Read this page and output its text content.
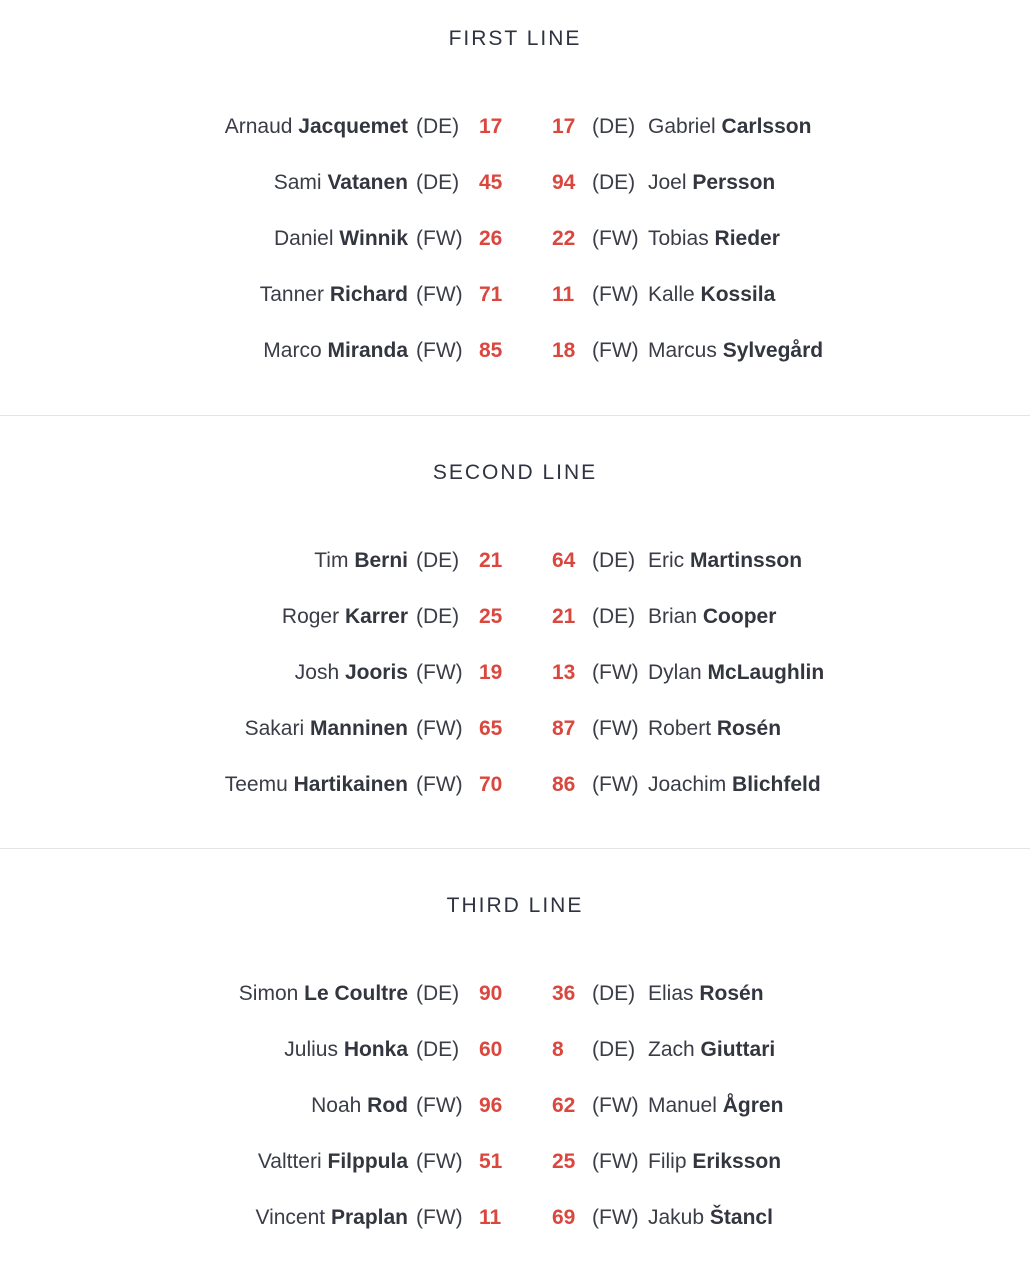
FIRST LINE
Arnaud Jacquemet (DE) 17 17 (DE) Gabriel Carlsson
Sami Vatanen (DE) 45 94 (DE) Joel Persson
Daniel Winnik (FW) 26 22 (FW) Tobias Rieder
Tanner Richard (FW) 71 11 (FW) Kalle Kossila
Marco Miranda (FW) 85 18 (FW) Marcus Sylvegård
SECOND LINE
Tim Berni (DE) 21 64 (DE) Eric Martinsson
Roger Karrer (DE) 25 21 (DE) Brian Cooper
Josh Jooris (FW) 19 13 (FW) Dylan McLaughlin
Sakari Manninen (FW) 65 87 (FW) Robert Rosén
Teemu Hartikainen (FW) 70 86 (FW) Joachim Blichfeld
THIRD LINE
Simon Le Coultre (DE) 90 36 (DE) Elias Rosén
Julius Honka (DE) 60 8 (DE) Zach Giuttari
Noah Rod (FW) 96 62 (FW) Manuel Ågren
Valtteri Filppula (FW) 51 25 (FW) Filip Eriksson
Vincent Praplan (FW) 11 69 (FW) Jakub Štancl
